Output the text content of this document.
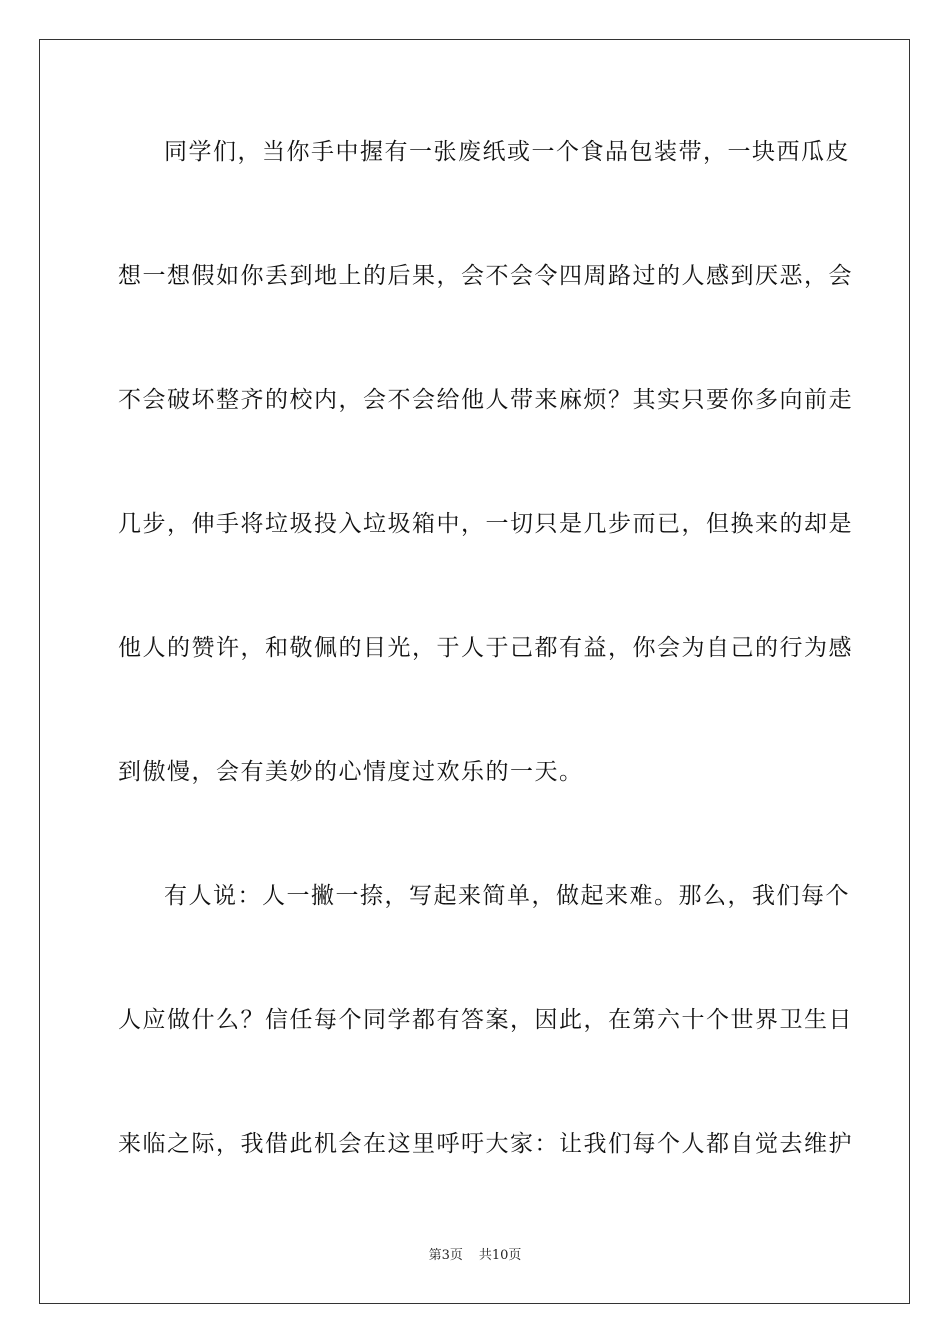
同学们，当你手中握有一张废纸或一个食品包装带，一块西瓜皮
想一想假如你丢到地上的后果，会不会令四周路过的人感到厌恶，会
不会破坏整齐的校内，会不会给他人带来麻烦？其实只要你多向前走
几步，伸手将垃圾投入垃圾箱中，一切只是几步而已，但换来的却是
他人的赞许，和敬佩的目光，于人于己都有益，你会为自己的行为感
到傲慢，会有美妙的心情度过欢乐的一天。
有人说：人一撇一捺，写起来简单，做起来难。那么，我们每个
人应做什么？信任每个同学都有答案，因此，在第六十个世界卫生日
来临之际，我借此机会在这里呼吁大家：让我们每个人都自觉去维护
第3页 共10页
